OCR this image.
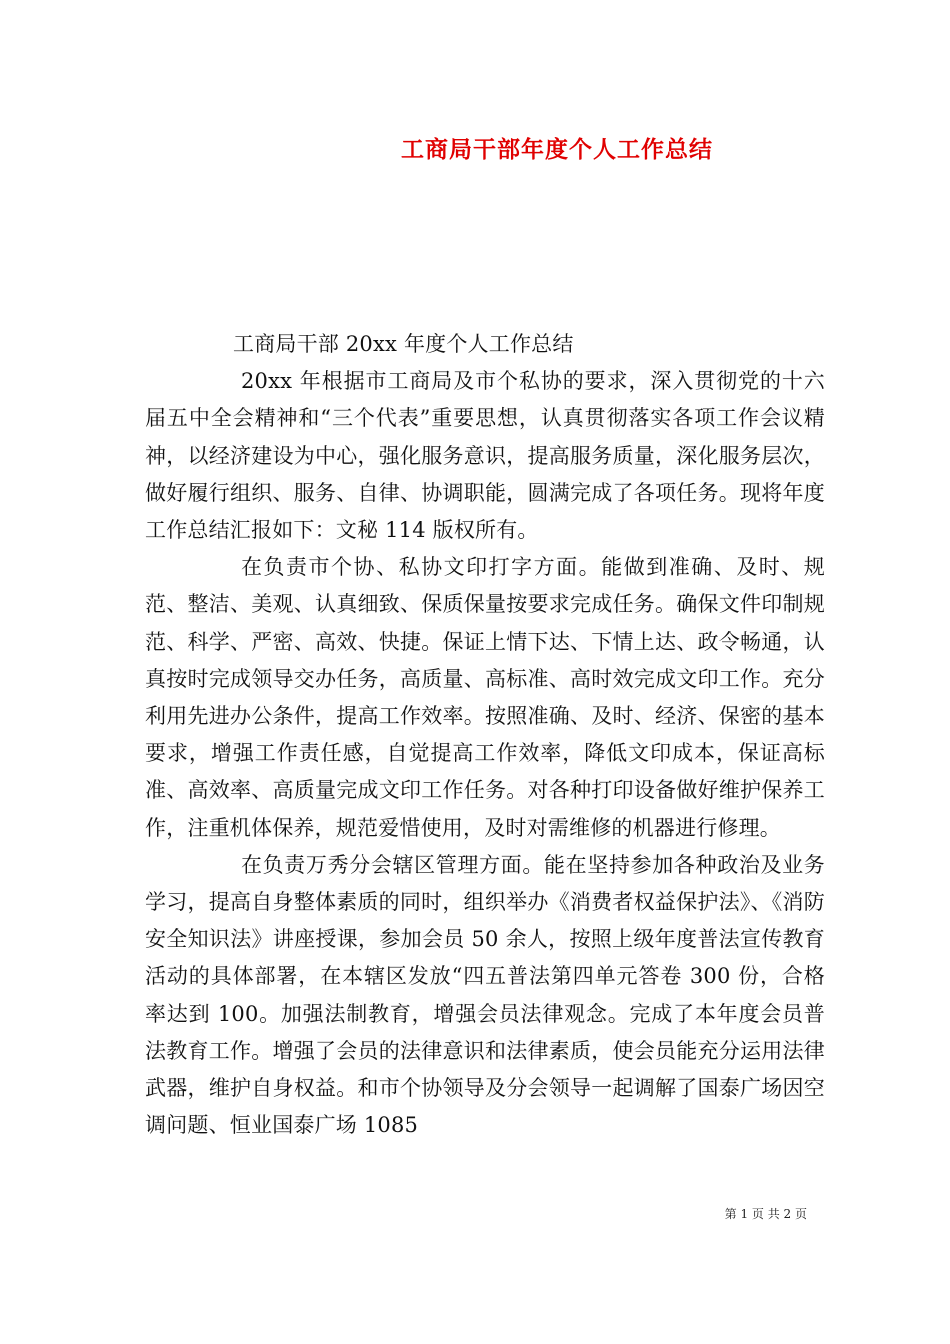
工商局干部年度个人工作总结

工商局干部 20xx 年度个人工作总结

20xx 年根据市工商局及市个私协的要求，深入贯彻党的十六届五中全会精神和“三个代表”重要思想，认真贯彻落实各项工作会议精神，以经济建设为中心，强化服务意识，提高服务质量，深化服务层次，做好履行组织、服务、自律、协调职能，圆满完成了各项任务。现将年度工作总结汇报如下：文秘 114 版权所有。

在负责市个协、私协文印打字方面。能做到准确、及时、规范、整洁、美观、认真细致、保质保量按要求完成任务。确保文件印制规范、科学、严密、高效、快捷。保证上情下达、下情上达、政令畅通，认真按时完成领导交办任务，高质量、高标准、高时效完成文印工作。充分利用先进办公条件，提高工作效率。按照准确、及时、经济、保密的基本要求，增强工作责任感，自觉提高工作效率，降低文印成本，保证高标准、高效率、高质量完成文印工作任务。对各种打印设备做好维护保养工作，注重机体保养，规范爱惜使用，及时对需维修的机器进行修理。

在负责万秀分会辖区管理方面。能在坚持参加各种政治及业务学习，提高自身整体素质的同时，组织举办《消费者权益保护法》、《消防安全知识法》讲座授课，参加会员 50 余人，按照上级年度普法宣传教育活动的具体部署，在本辖区发放“四五普法第四单元答卷 300 份，合格率达到 100。加强法制教育，增强会员法律观念。完成了本年度会员普法教育工作。增强了会员的法律意识和法律素质，使会员能充分运用法律武器，维护自身权益。和市个协领导及分会领导一起调解了国泰广场因空调问题、恒业国泰广场 1085

第 1 页 共 2 页
